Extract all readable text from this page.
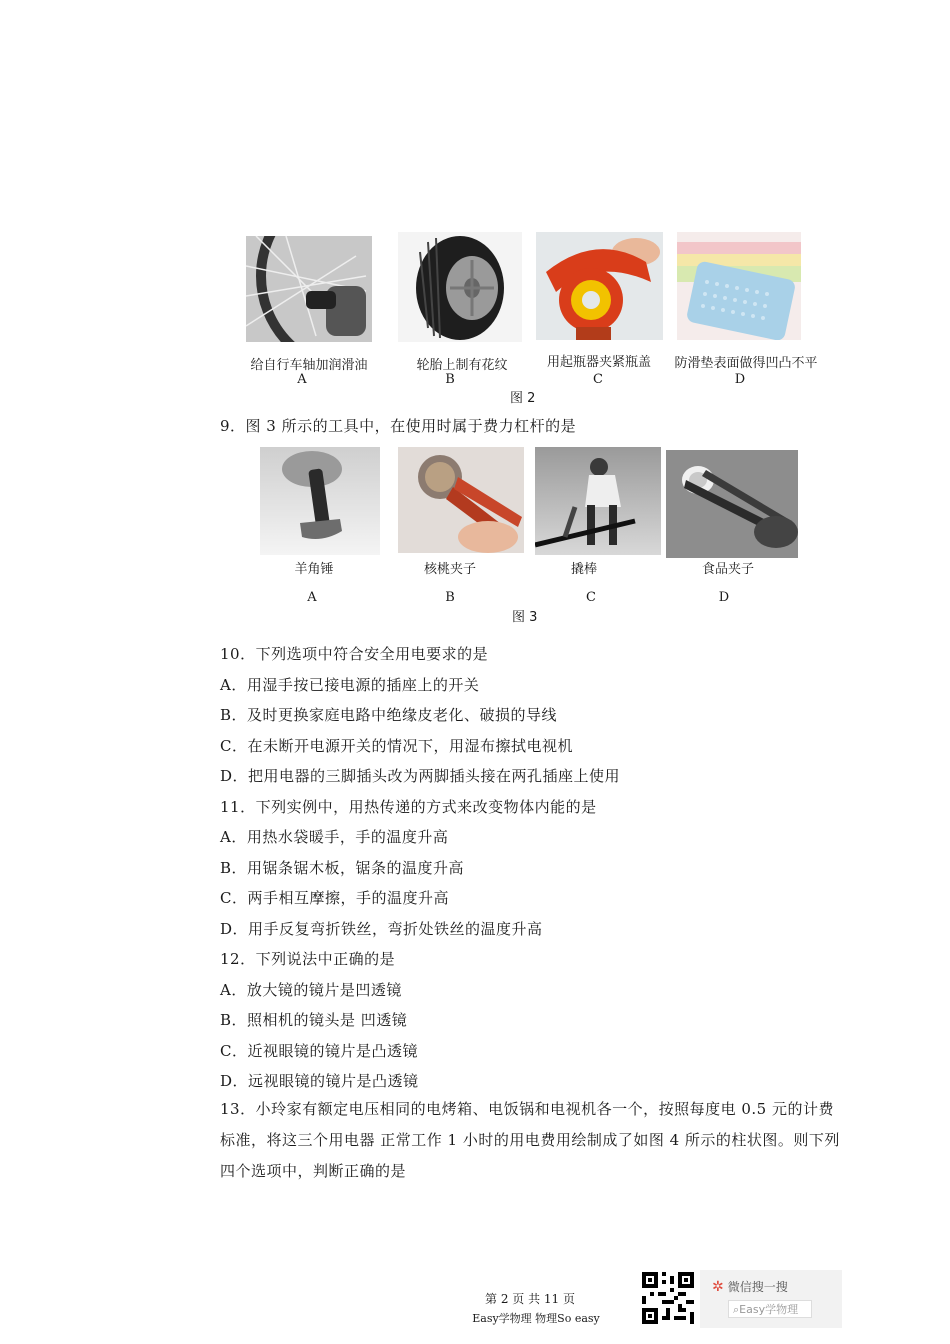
给自行车轴加润滑油	轮胎上制有花纹	用起瓶器夹紧瓶盖	防滑垫表面做得凹凸不平
A	B	C	D
图 2
9．图 3 所示的工具中，在使用时属于费力杠杆的是
羊角锤	核桃夹子	撬棒	食品夹子
A	B	C	D
图 3
10．下列选项中符合安全用电要求的是
A．用湿手按已接电源的插座上的开关
B．及时更换家庭电路中绝缘皮老化、破损的导线
C．在未断开电源开关的情况下，用湿布擦拭电视机
D．把用电器的三脚插头改为两脚插头接在两孔插座上使用
11．下列实例中，用热传递的方式来改变物体内能的是
A．用热水袋暖手，手的温度升高
B．用锯条锯木板，锯条的温度升高
C．两手相互摩擦，手的温度升高
D．用手反复弯折铁丝，弯折处铁丝的温度升高
12．下列说法中正确的是
A．放大镜的镜片是凹透镜
B．照相机的镜头是 凹透镜
C．近视眼镜的镜片是凸透镜
D．远视眼镜的镜片是凸透镜
13．小玲家有额定电压相同的电烤箱、电饭锅和电视机各一个，按照每度电 0.5 元的计费标准，将这三个用电器 正常工作 1 小时的用电费用绘制成了如图 4 所示的柱状图。则下列四个选项中，判断正确的是
第 2 页 共 11 页
Easy学物理 物理So easy
✲ 微信搜一搜
⌕Easy学物理
